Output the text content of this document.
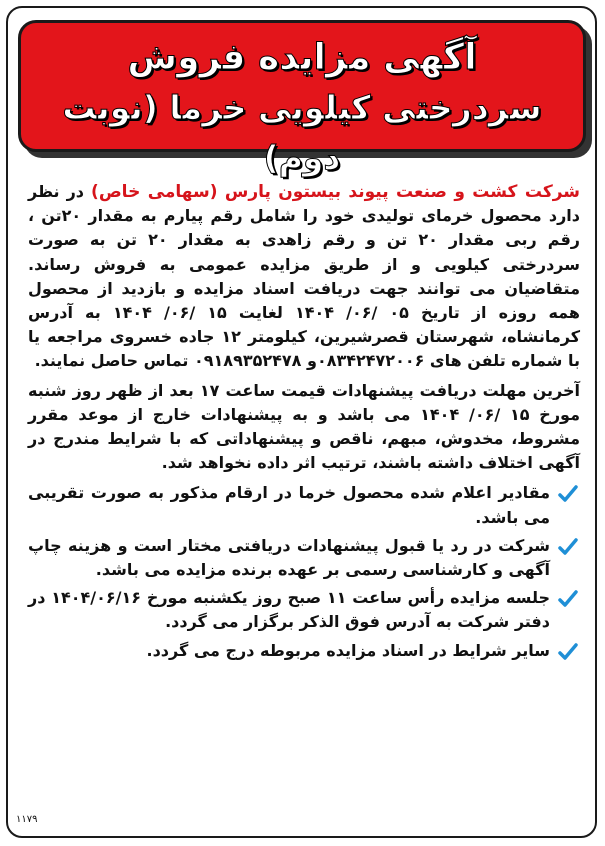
آگهی مزایده فروش
سردرختی کیلویی خرما (نوبت دوم)

شرکت کشت و صنعت پیوند بیستون پارس (سهامی خاص) در نظر دارد محصول خرمای تولیدی خود را شامل رقم پیارم به مقدار ۲۰تن ، رقم ربی مقدار ۲۰ تن و رقم زاهدی به مقدار ۲۰ تن به صورت سردرختی کیلویی و از طریق مزایده عمومی به فروش رساند. متقاضیان می توانند جهت دریافت اسناد مزایده و بازدید از محصول همه روزه از تاریخ ۰۵ /۰۶/ ۱۴۰۴ لغایت ۱۵ /۰۶/ ۱۴۰۴ به آدرس کرمانشاه، شهرستان قصرشیرین، کیلومتر ۱۲ جاده خسروی مراجعه یا با شماره تلفن های ۰۸۳۴۲۴۷۲۰۰۶و ۰۹۱۸۹۳۵۲۴۷۸ تماس حاصل نمایند.

آخرین مهلت دریافت پیشنهادات قیمت ساعت ۱۷ بعد از ظهر روز شنبه مورخ ۱۵ /۰۶/ ۱۴۰۴ می باشد و به پیشنهادات خارج از موعد مقرر مشروط، مخدوش، مبهم، ناقص و پیشنهاداتی که با شرایط مندرج در آگهی اختلاف داشته باشند، ترتیب اثر داده نخواهد شد.

مقادیر اعلام شده محصول خرما در ارقام مذکور به صورت تقریبی می باشد.
شرکت در رد یا قبول پیشنهادات دریافتی مختار است و هزینه چاپ آگهی و کارشناسی رسمی بر عهده برنده مزایده می باشد.
جلسه مزایده رأس ساعت ۱۱ صبح روز یکشنبه مورخ ۱۴۰۴/۰۶/۱۶ در دفتر شرکت به آدرس فوق الذکر برگزار می گردد.
سایر شرایط در اسناد مزایده مربوطه درج می گردد.
۱۱۷۹
